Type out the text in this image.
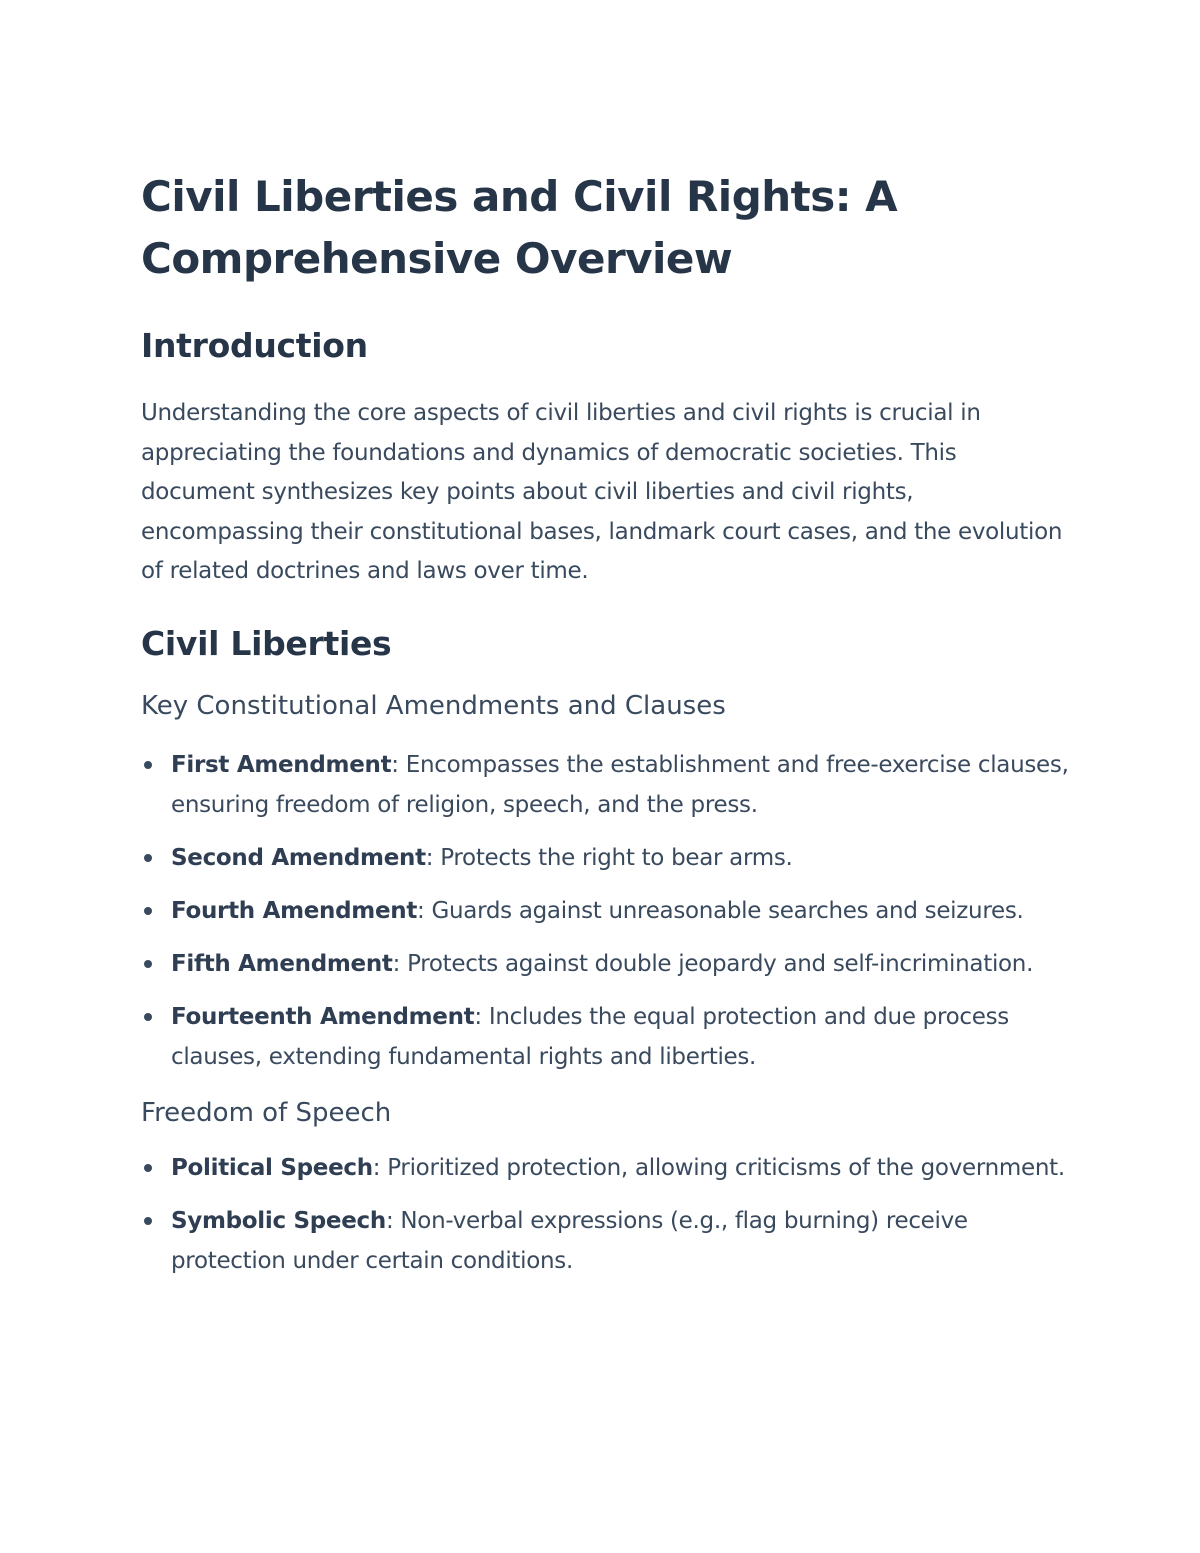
Civil Liberties and Civil Rights: A Comprehensive Overview
Introduction

Understanding the core aspects of civil liberties and civil rights is crucial in appreciating the foundations and dynamics of democratic societies. This document synthesizes key points about civil liberties and civil rights, encompassing their constitutional bases, landmark court cases, and the evolution of related doctrines and laws over time.

Civil Liberties
Key Constitutional Amendments and Clauses
First Amendment: Encompasses the establishment and free-exercise clauses, ensuring freedom of religion, speech, and the press.
Second Amendment: Protects the right to bear arms.
Fourth Amendment: Guards against unreasonable searches and seizures.
Fifth Amendment: Protects against double jeopardy and self-incrimination.
Fourteenth Amendment: Includes the equal protection and due process clauses, extending fundamental rights and liberties.
Freedom of Speech
Political Speech: Prioritized protection, allowing criticisms of the government.
Symbolic Speech: Non-verbal expressions (e.g., flag burning) receive protection under certain conditions.
